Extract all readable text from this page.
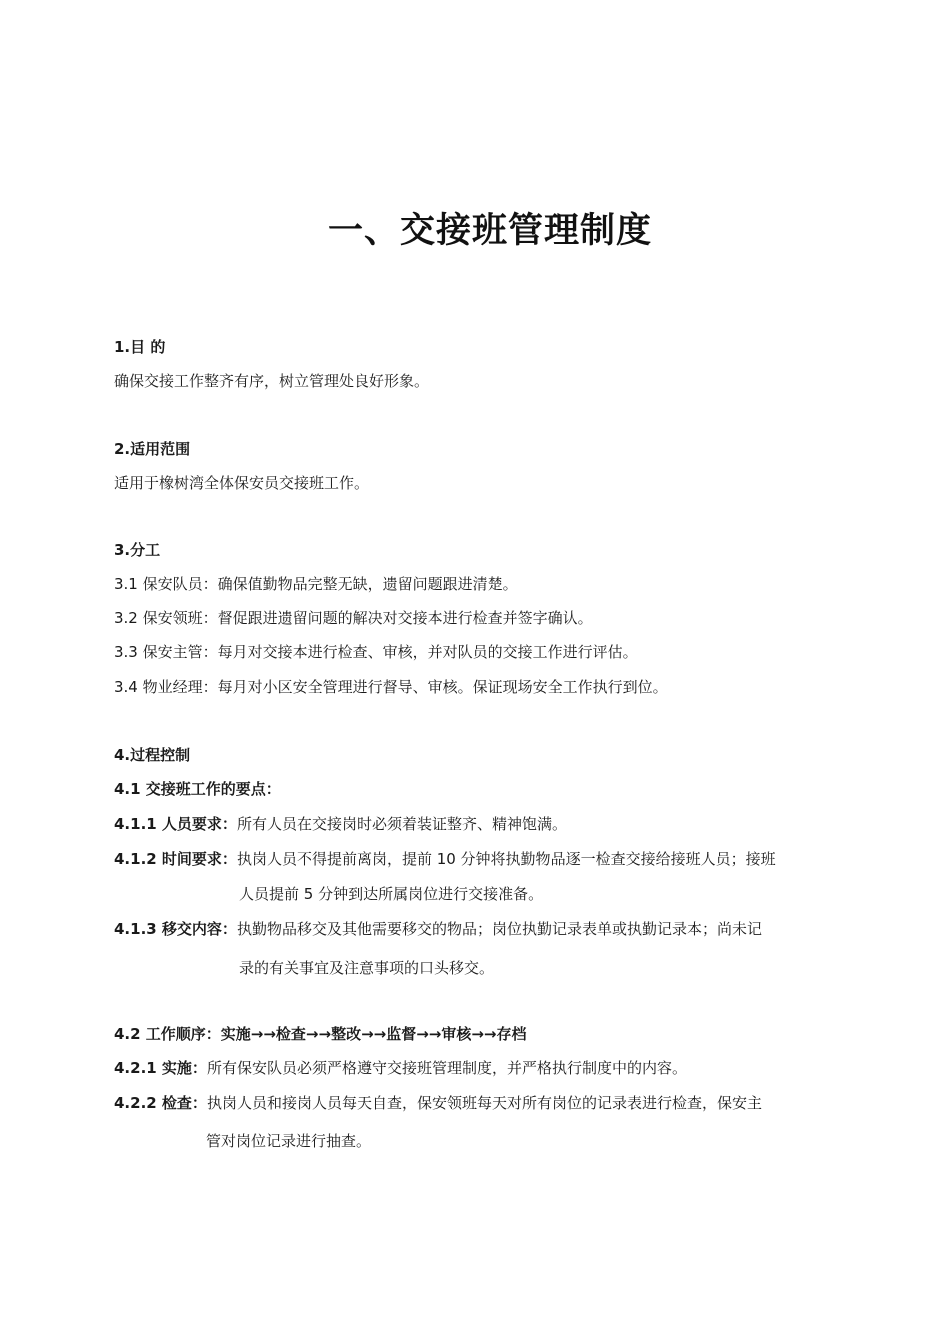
一、交接班管理制度
1.目 的
确保交接工作整齐有序，树立管理处良好形象。
2.适用范围
适用于橡树湾全体保安员交接班工作。
3.分工
3.1 保安队员：确保值勤物品完整无缺，遗留问题跟进清楚。
3.2 保安领班：督促跟进遗留问题的解决对交接本进行检查并签字确认。
3.3 保安主管：每月对交接本进行检查、审核，并对队员的交接工作进行评估。
3.4 物业经理：每月对小区安全管理进行督导、审核。保证现场安全工作执行到位。
4.过程控制
4.1 交接班工作的要点：
4.1.1 人员要求：所有人员在交接岗时必须着装证整齐、精神饱满。
4.1.2 时间要求：执岗人员不得提前离岗，提前 10 分钟将执勤物品逐一检查交接给接班人员；接班
人员提前 5 分钟到达所属岗位进行交接准备。
4.1.3 移交内容：执勤物品移交及其他需要移交的物品；岗位执勤记录表单或执勤记录本；尚未记
录的有关事宜及注意事项的口头移交。
4.2 工作顺序：实施→→检查→→整改→→监督→→审核→→存档
4.2.1 实施：所有保安队员必须严格遵守交接班管理制度，并严格执行制度中的内容。
4.2.2 检查：执岗人员和接岗人员每天自查，保安领班每天对所有岗位的记录表进行检查，保安主
管对岗位记录进行抽查。
